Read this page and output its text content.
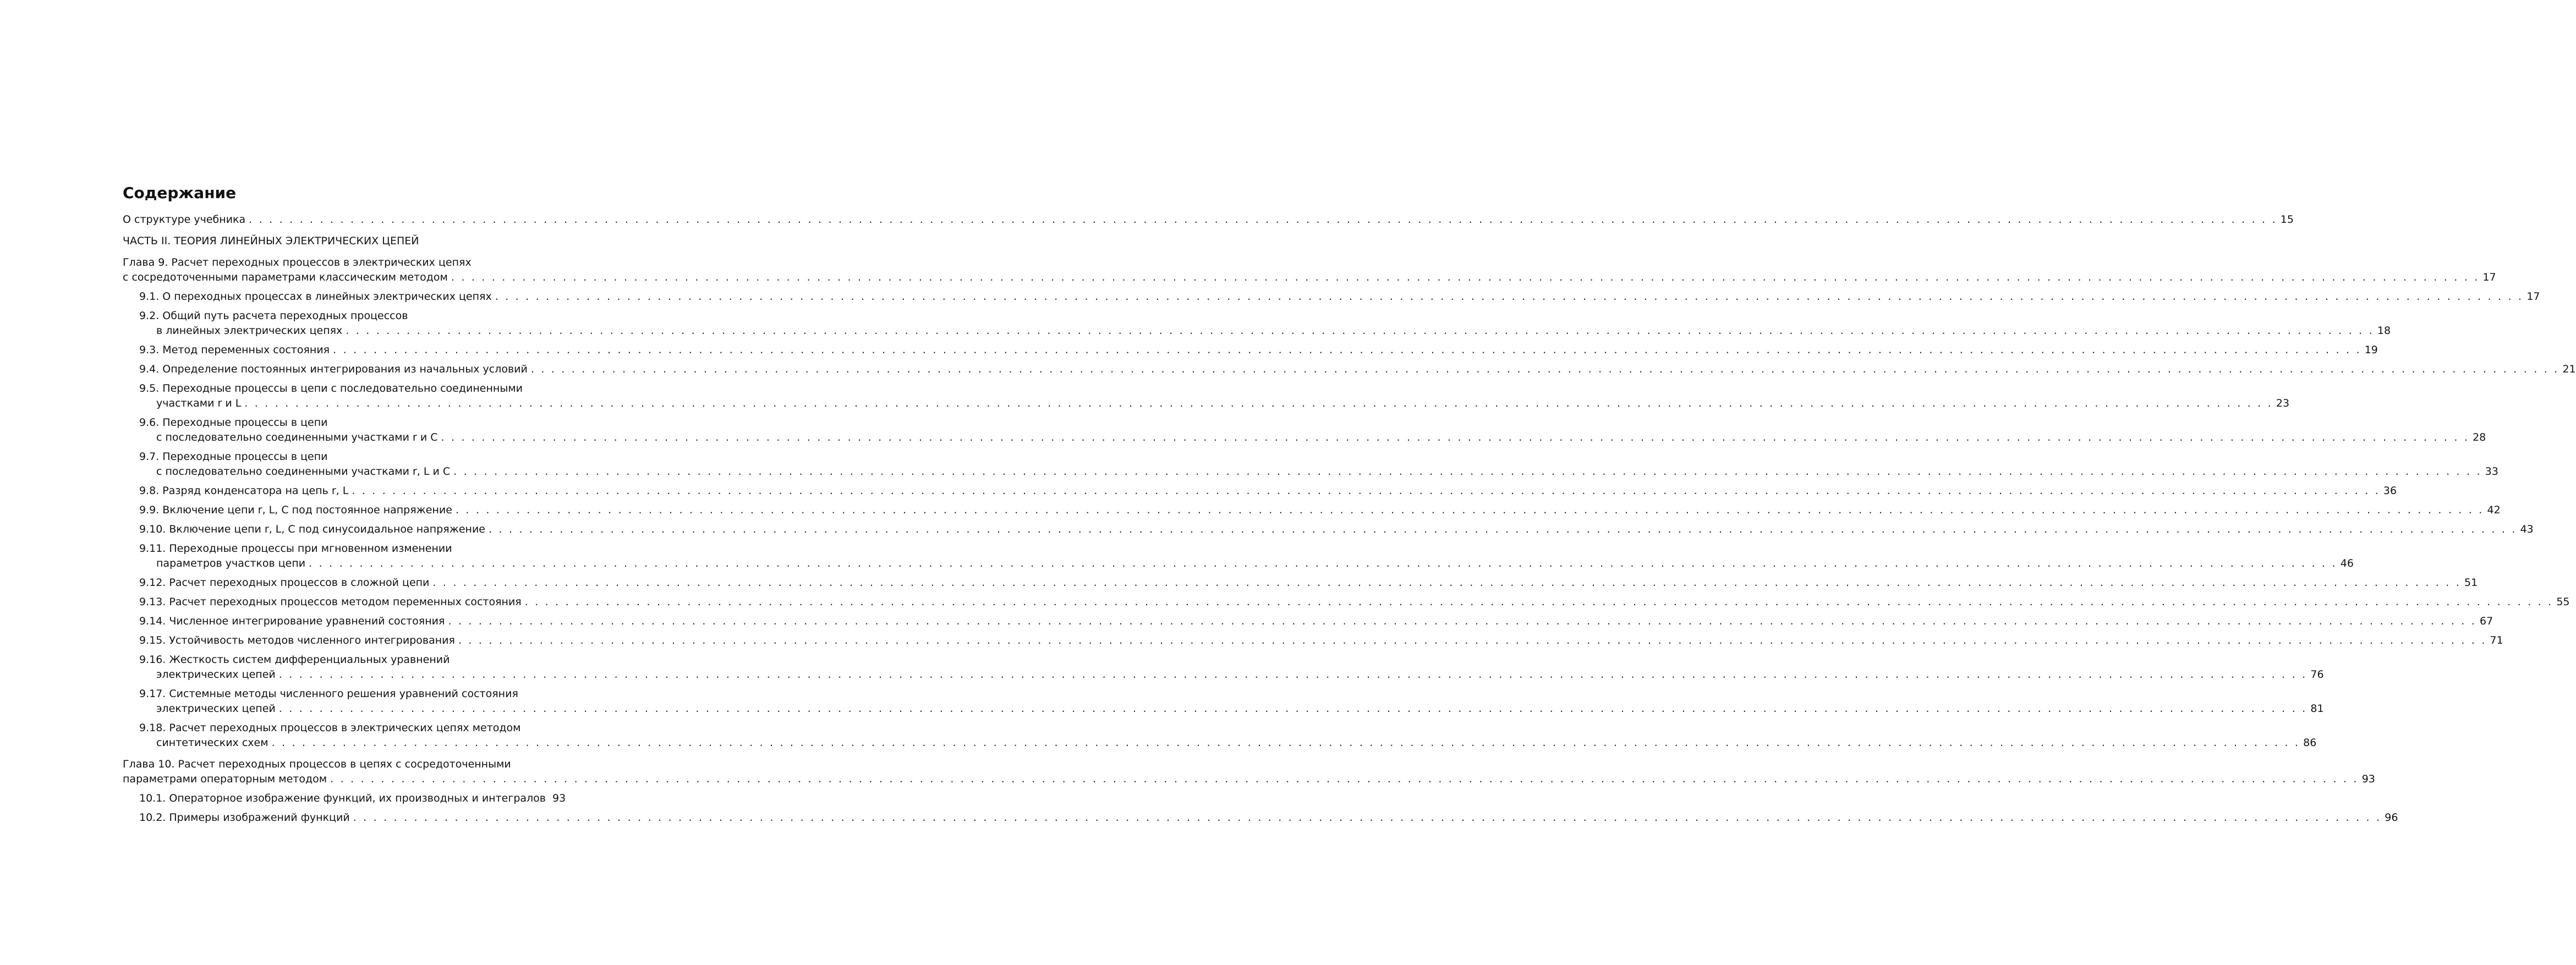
Содержание
О структуре учебника . . . . . . . . . . . . . . . . . . . . . . . . . . . . . . . . . . . . . . . . . . . . . . . . . . . . . . . . . . . . . . . . . . . . . . . . . . . . . . . . . . . . . . . . . . . . . . . . . . . . . . . . . . . . . . . . . . . . . . . . . . . . . . . . . . . . . . . . . . . . . . . . . . . . . . . . . . . . . . . . . . . . . . . . . . . . . . . . . . . . . . . . . . . . . . . . . . . . . . . . 15
ЧАСТЬ II. ТЕОРИЯ ЛИНЕЙНЫХ ЭЛЕКТРИЧЕСКИХ ЦЕПЕЙ
Глава 9. Расчет переходных процессов в электрических цепях
с сосредоточенными параметрами классическим методом . . . . . . . . . . . . . . . . . . . . . . . . . . . . . . . . . . . . . . . . . . . . . . . . . . . . . . . . . . . . . . . . . . . . . . . . . . . . . . . . . . . . . . . . . . . . . . . . . . . . . . . . . . . . . . . . . . . . . . . . . . . . . . . . . . . . . . . . . . . . . . . . . . . . . . . . . . . . . . . . . . . . . . . . . . . . . . . . . . . . . . . . . . . . . . . . . . . . . . . . 17
9.1. О переходных процессах в линейных электрических цепях . . . . . . . . . . . . . . . . . . . . . . . . . . . . . . . . . . . . . . . . . . . . . . . . . . . . . . . . . . . . . . . . . . . . . . . . . . . . . . . . . . . . . . . . . . . . . . . . . . . . . . . . . . . . . . . . . . . . . . . . . . . . . . . . . . . . . . . . . . . . . . . . . . . . . . . . . . . . . . . . . . . . . . . . . . . . . . . . . . . . . . . . . . . . . . . . . . . . . . . . 17
9.2. Общий путь расчета переходных процессов
в линейных электрических цепях . . . . . . . . . . . . . . . . . . . . . . . . . . . . . . . . . . . . . . . . . . . . . . . . . . . . . . . . . . . . . . . . . . . . . . . . . . . . . . . . . . . . . . . . . . . . . . . . . . . . . . . . . . . . . . . . . . . . . . . . . . . . . . . . . . . . . . . . . . . . . . . . . . . . . . . . . . . . . . . . . . . . . . . . . . . . . . . . . . . . . . . . . . . . . . . . . . . . . . . . 18
9.3. Метод переменных состояния . . . . . . . . . . . . . . . . . . . . . . . . . . . . . . . . . . . . . . . . . . . . . . . . . . . . . . . . . . . . . . . . . . . . . . . . . . . . . . . . . . . . . . . . . . . . . . . . . . . . . . . . . . . . . . . . . . . . . . . . . . . . . . . . . . . . . . . . . . . . . . . . . . . . . . . . . . . . . . . . . . . . . . . . . . . . . . . . . . . . . . . . . . . . . . . . . . . . . . . . 19
9.4. Определение постоянных интегрирования из начальных условий . . . . . . . . . . . . . . . . . . . . . . . . . . . . . . . . . . . . . . . . . . . . . . . . . . . . . . . . . . . . . . . . . . . . . . . . . . . . . . . . . . . . . . . . . . . . . . . . . . . . . . . . . . . . . . . . . . . . . . . . . . . . . . . . . . . . . . . . . . . . . . . . . . . . . . . . . . . . . . . . . . . . . . . . . . . . . . . . . . . . . . . . . . . . . . . . . . . . . . . . 21
9.5. Переходные процессы в цепи с последовательно соединенными
участками r и L . . . . . . . . . . . . . . . . . . . . . . . . . . . . . . . . . . . . . . . . . . . . . . . . . . . . . . . . . . . . . . . . . . . . . . . . . . . . . . . . . . . . . . . . . . . . . . . . . . . . . . . . . . . . . . . . . . . . . . . . . . . . . . . . . . . . . . . . . . . . . . . . . . . . . . . . . . . . . . . . . . . . . . . . . . . . . . . . . . . . . . . . . . . . . . . . . . . . . . . . 23
9.6. Переходные процессы в цепи
с последовательно соединенными участками r и C . . . . . . . . . . . . . . . . . . . . . . . . . . . . . . . . . . . . . . . . . . . . . . . . . . . . . . . . . . . . . . . . . . . . . . . . . . . . . . . . . . . . . . . . . . . . . . . . . . . . . . . . . . . . . . . . . . . . . . . . . . . . . . . . . . . . . . . . . . . . . . . . . . . . . . . . . . . . . . . . . . . . . . . . . . . . . . . . . . . . . . . . . . . . . . . . . . . . . . . . 28
9.7. Переходные процессы в цепи
с последовательно соединенными участками r, L и C . . . . . . . . . . . . . . . . . . . . . . . . . . . . . . . . . . . . . . . . . . . . . . . . . . . . . . . . . . . . . . . . . . . . . . . . . . . . . . . . . . . . . . . . . . . . . . . . . . . . . . . . . . . . . . . . . . . . . . . . . . . . . . . . . . . . . . . . . . . . . . . . . . . . . . . . . . . . . . . . . . . . . . . . . . . . . . . . . . . . . . . . . . . . . . . . . . . . . . . . 33
9.8. Разряд конденсатора на цепь r, L . . . . . . . . . . . . . . . . . . . . . . . . . . . . . . . . . . . . . . . . . . . . . . . . . . . . . . . . . . . . . . . . . . . . . . . . . . . . . . . . . . . . . . . . . . . . . . . . . . . . . . . . . . . . . . . . . . . . . . . . . . . . . . . . . . . . . . . . . . . . . . . . . . . . . . . . . . . . . . . . . . . . . . . . . . . . . . . . . . . . . . . . . . . . . . . . . . . . . . . . 36
9.9. Включение цепи r, L, C под постоянное напряжение . . . . . . . . . . . . . . . . . . . . . . . . . . . . . . . . . . . . . . . . . . . . . . . . . . . . . . . . . . . . . . . . . . . . . . . . . . . . . . . . . . . . . . . . . . . . . . . . . . . . . . . . . . . . . . . . . . . . . . . . . . . . . . . . . . . . . . . . . . . . . . . . . . . . . . . . . . . . . . . . . . . . . . . . . . . . . . . . . . . . . . . . . . . . . . . . . . . . . . . . 42
9.10. Включение цепи r, L, C под синусоидальное напряжение . . . . . . . . . . . . . . . . . . . . . . . . . . . . . . . . . . . . . . . . . . . . . . . . . . . . . . . . . . . . . . . . . . . . . . . . . . . . . . . . . . . . . . . . . . . . . . . . . . . . . . . . . . . . . . . . . . . . . . . . . . . . . . . . . . . . . . . . . . . . . . . . . . . . . . . . . . . . . . . . . . . . . . . . . . . . . . . . . . . . . . . . . . . . . . . . . . . . . . . . 43
9.11. Переходные процессы при мгновенном изменении
параметров участков цепи . . . . . . . . . . . . . . . . . . . . . . . . . . . . . . . . . . . . . . . . . . . . . . . . . . . . . . . . . . . . . . . . . . . . . . . . . . . . . . . . . . . . . . . . . . . . . . . . . . . . . . . . . . . . . . . . . . . . . . . . . . . . . . . . . . . . . . . . . . . . . . . . . . . . . . . . . . . . . . . . . . . . . . . . . . . . . . . . . . . . . . . . . . . . . . . . . . . . . . . . 46
9.12. Расчет переходных процессов в сложной цепи . . . . . . . . . . . . . . . . . . . . . . . . . . . . . . . . . . . . . . . . . . . . . . . . . . . . . . . . . . . . . . . . . . . . . . . . . . . . . . . . . . . . . . . . . . . . . . . . . . . . . . . . . . . . . . . . . . . . . . . . . . . . . . . . . . . . . . . . . . . . . . . . . . . . . . . . . . . . . . . . . . . . . . . . . . . . . . . . . . . . . . . . . . . . . . . . . . . . . . . . 51
9.13. Расчет переходных процессов методом переменных состояния . . . . . . . . . . . . . . . . . . . . . . . . . . . . . . . . . . . . . . . . . . . . . . . . . . . . . . . . . . . . . . . . . . . . . . . . . . . . . . . . . . . . . . . . . . . . . . . . . . . . . . . . . . . . . . . . . . . . . . . . . . . . . . . . . . . . . . . . . . . . . . . . . . . . . . . . . . . . . . . . . . . . . . . . . . . . . . . . . . . . . . . . . . . . . . . . . . . . . . . . 55
9.14. Численное интегрирование уравнений состояния . . . . . . . . . . . . . . . . . . . . . . . . . . . . . . . . . . . . . . . . . . . . . . . . . . . . . . . . . . . . . . . . . . . . . . . . . . . . . . . . . . . . . . . . . . . . . . . . . . . . . . . . . . . . . . . . . . . . . . . . . . . . . . . . . . . . . . . . . . . . . . . . . . . . . . . . . . . . . . . . . . . . . . . . . . . . . . . . . . . . . . . . . . . . . . . . . . . . . . . . 67
9.15. Устойчивость методов численного интегрирования . . . . . . . . . . . . . . . . . . . . . . . . . . . . . . . . . . . . . . . . . . . . . . . . . . . . . . . . . . . . . . . . . . . . . . . . . . . . . . . . . . . . . . . . . . . . . . . . . . . . . . . . . . . . . . . . . . . . . . . . . . . . . . . . . . . . . . . . . . . . . . . . . . . . . . . . . . . . . . . . . . . . . . . . . . . . . . . . . . . . . . . . . . . . . . . . . . . . . . . . 71
9.16. Жесткость систем дифференциальных уравнений
электрических цепей . . . . . . . . . . . . . . . . . . . . . . . . . . . . . . . . . . . . . . . . . . . . . . . . . . . . . . . . . . . . . . . . . . . . . . . . . . . . . . . . . . . . . . . . . . . . . . . . . . . . . . . . . . . . . . . . . . . . . . . . . . . . . . . . . . . . . . . . . . . . . . . . . . . . . . . . . . . . . . . . . . . . . . . . . . . . . . . . . . . . . . . . . . . . . . . . . . . . . . . . 76
9.17. Системные методы численного решения уравнений состояния
электрических цепей . . . . . . . . . . . . . . . . . . . . . . . . . . . . . . . . . . . . . . . . . . . . . . . . . . . . . . . . . . . . . . . . . . . . . . . . . . . . . . . . . . . . . . . . . . . . . . . . . . . . . . . . . . . . . . . . . . . . . . . . . . . . . . . . . . . . . . . . . . . . . . . . . . . . . . . . . . . . . . . . . . . . . . . . . . . . . . . . . . . . . . . . . . . . . . . . . . . . . . . . 81
9.18. Расчет переходных процессов в электрических цепях методом
синтетических схем . . . . . . . . . . . . . . . . . . . . . . . . . . . . . . . . . . . . . . . . . . . . . . . . . . . . . . . . . . . . . . . . . . . . . . . . . . . . . . . . . . . . . . . . . . . . . . . . . . . . . . . . . . . . . . . . . . . . . . . . . . . . . . . . . . . . . . . . . . . . . . . . . . . . . . . . . . . . . . . . . . . . . . . . . . . . . . . . . . . . . . . . . . . . . . . . . . . . . . . . 86
Глава 10. Расчет переходных процессов в цепях с сосредоточенными
параметрами операторным методом . . . . . . . . . . . . . . . . . . . . . . . . . . . . . . . . . . . . . . . . . . . . . . . . . . . . . . . . . . . . . . . . . . . . . . . . . . . . . . . . . . . . . . . . . . . . . . . . . . . . . . . . . . . . . . . . . . . . . . . . . . . . . . . . . . . . . . . . . . . . . . . . . . . . . . . . . . . . . . . . . . . . . . . . . . . . . . . . . . . . . . . . . . . . . . . . . . . . . . . . 93
10.1. Операторное изображение функций, их производных и интегралов 93
10.2. Примеры изображений функций . . . . . . . . . . . . . . . . . . . . . . . . . . . . . . . . . . . . . . . . . . . . . . . . . . . . . . . . . . . . . . . . . . . . . . . . . . . . . . . . . . . . . . . . . . . . . . . . . . . . . . . . . . . . . . . . . . . . . . . . . . . . . . . . . . . . . . . . . . . . . . . . . . . . . . . . . . . . . . . . . . . . . . . . . . . . . . . . . . . . . . . . . . . . . . . . . . . . . . . . 96
